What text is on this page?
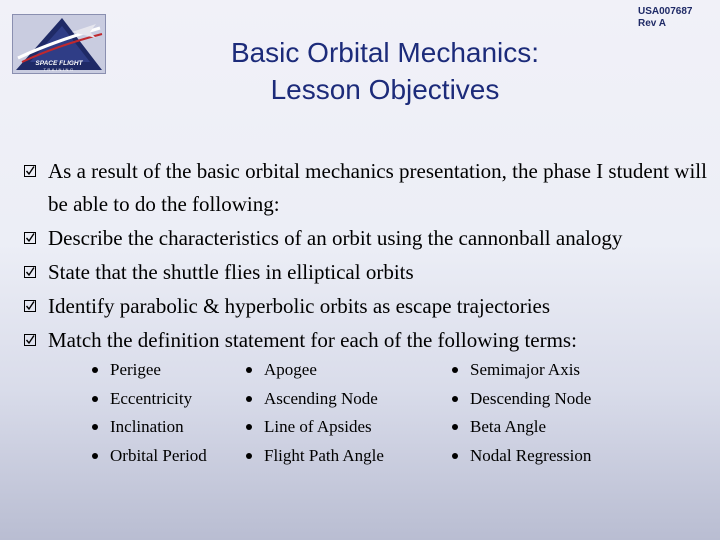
SPACE FLIGHT
TRAINING
USA007687
Rev A
Basic Orbital Mechanics:
Lesson Objectives
As a result of the basic orbital mechanics presentation, the phase I student will be able to do the following:
Describe the characteristics of an orbit using the cannonball analogy
State that the shuttle flies in elliptical orbits
Identify parabolic & hyperbolic orbits as escape trajectories
Match the definition statement for each of the following terms:
Perigee
Eccentricity
Inclination
Orbital Period
Apogee
Ascending Node
Line of Apsides
Flight Path Angle
Semimajor Axis
Descending Node
Beta Angle
Nodal Regression
